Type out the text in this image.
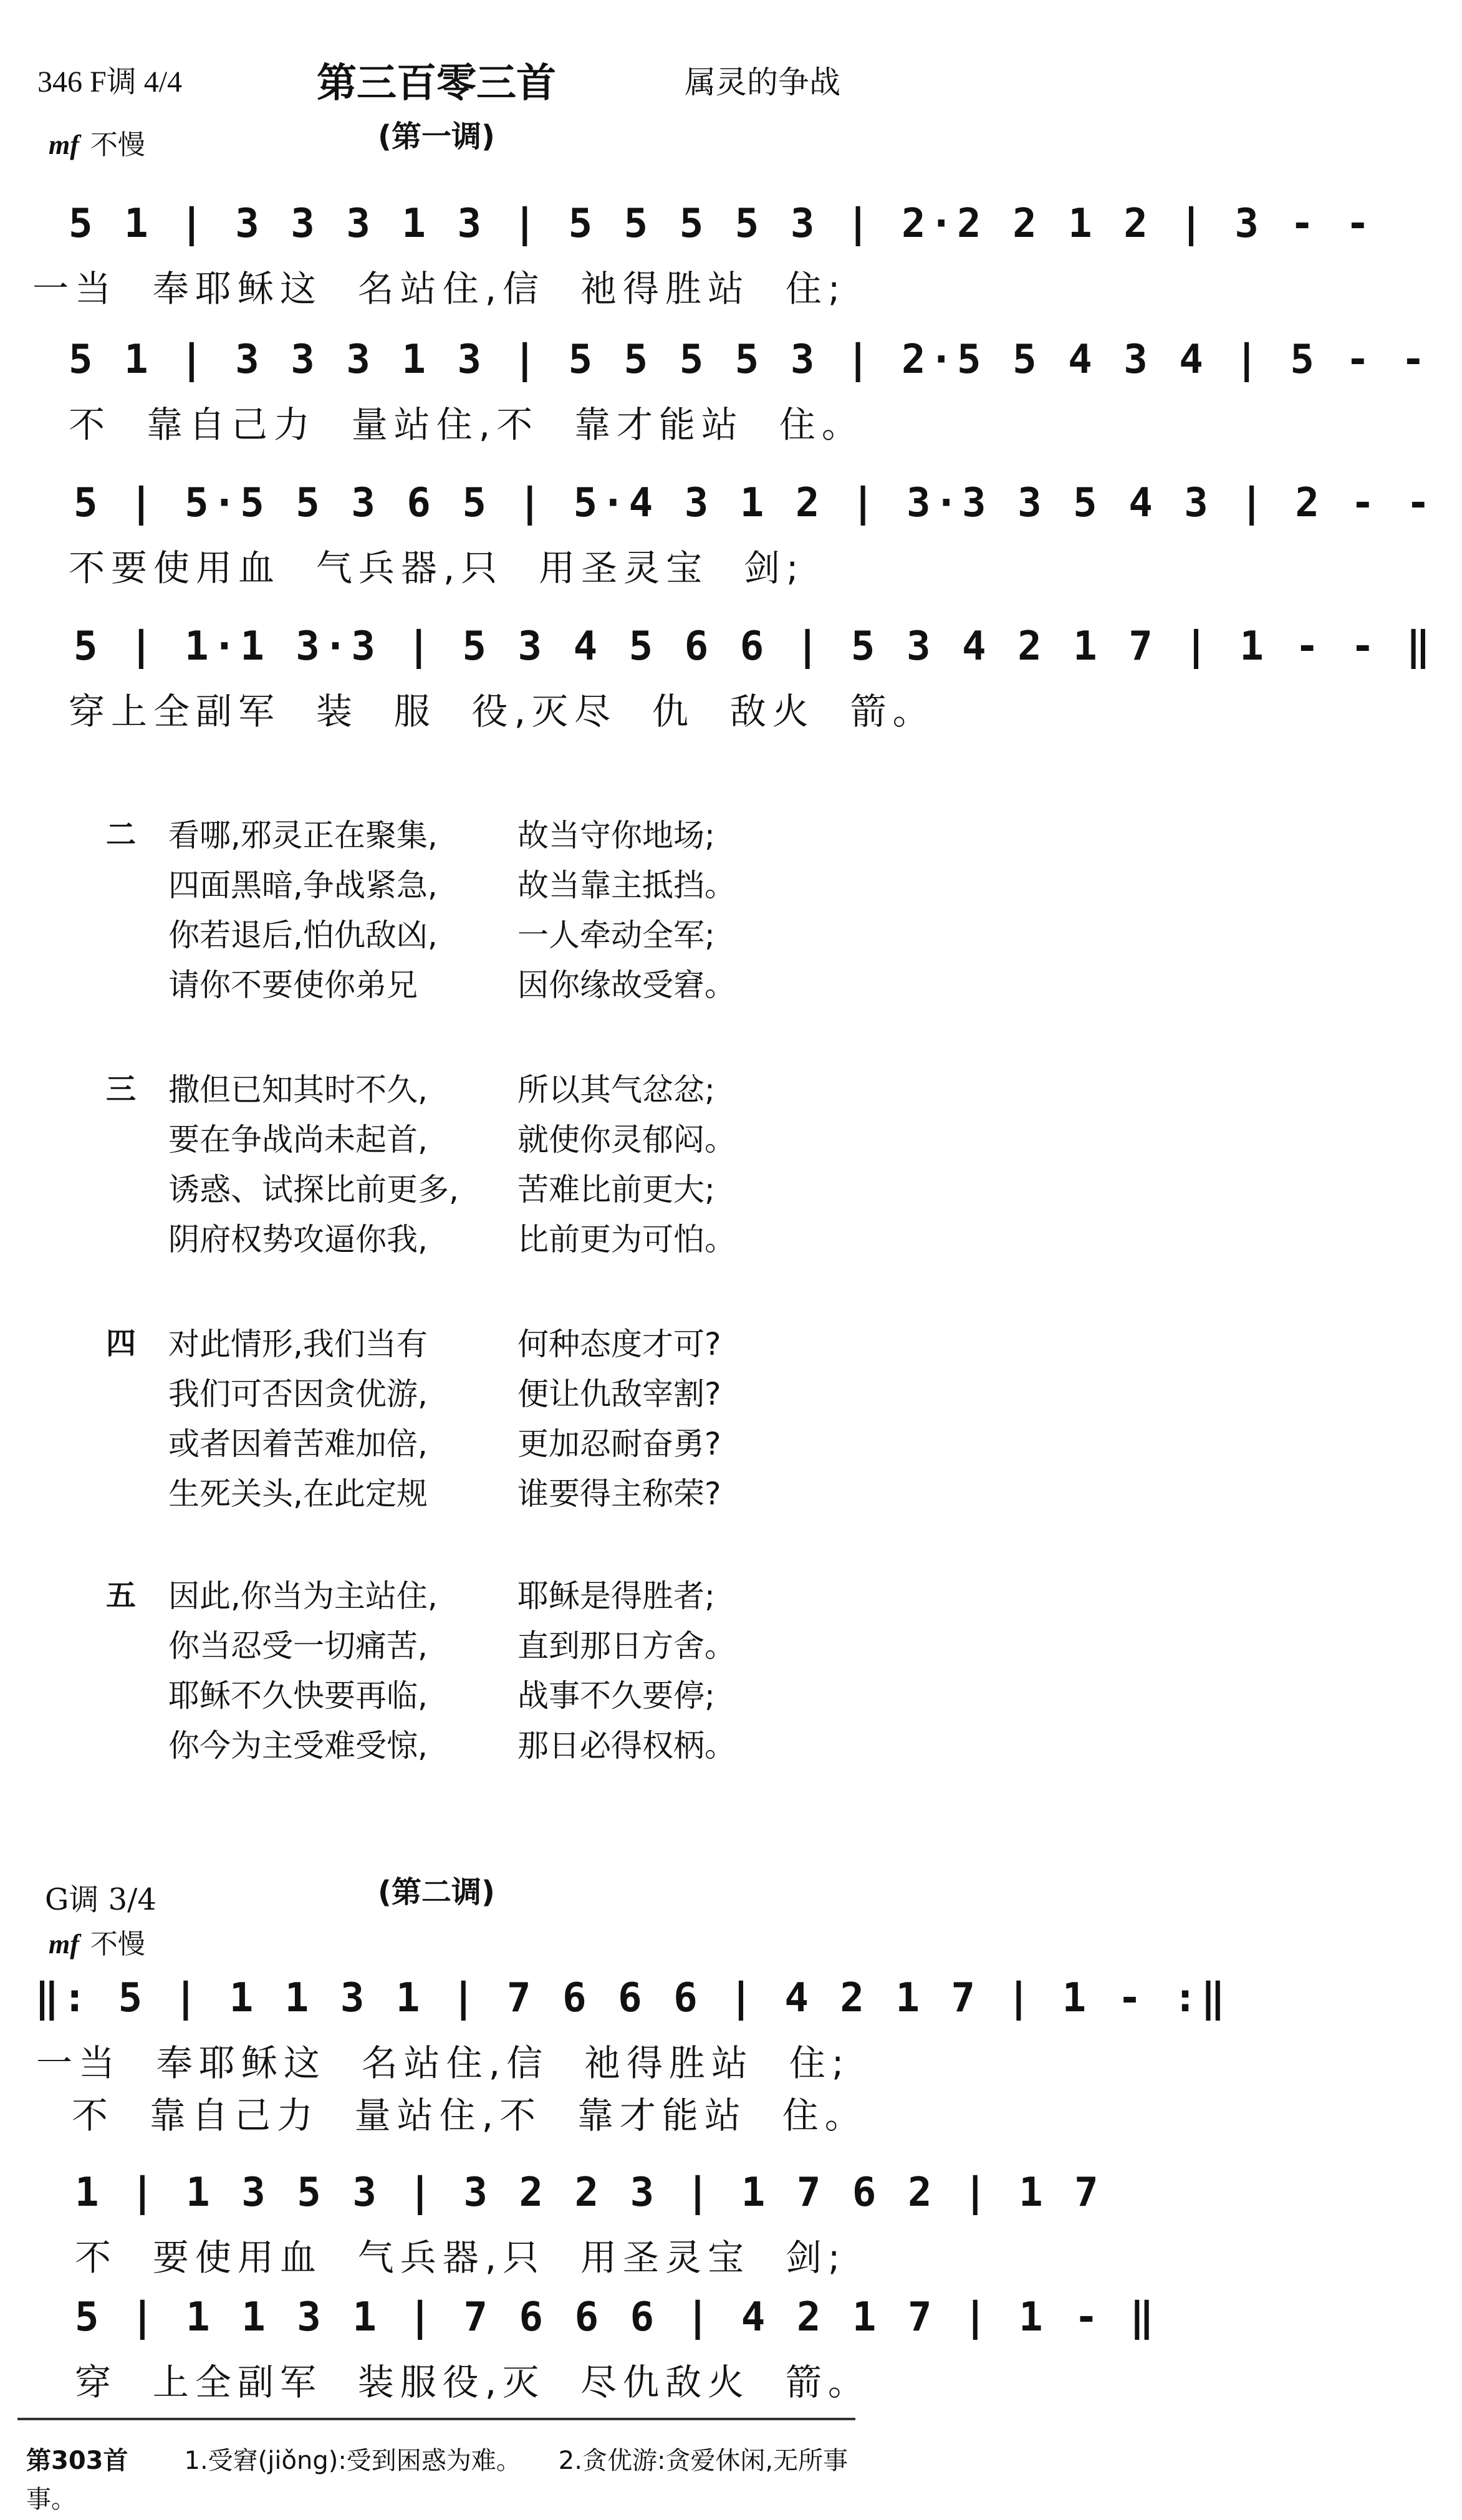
346 F调 4/4	第三百零三首	属灵的争战
mf 不慢	(第一调)
5 1 | 3 3 3 1 3 | 5 5 5 5 3 | 2·2 2 1 2 | 3 - -
一当  奉耶稣这  名站住,信  祂得胜站  住;
5 1 | 3 3 3 1 3 | 5 5 5 5 3 | 2·5 5 4 3 4 | 5 - -
不  靠自己力  量站住,不  靠才能站  住。
5 | 5·5 5 3 6 5 | 5·4 3 1 2 | 3·3 3 5 4 3 | 2 - -
不要使用血  气兵器,只  用圣灵宝  剑;
5 | 1·1 3·3 | 5 3 4 5 6 6 | 5 3 4 2 1 7 | 1 - - ‖
穿上全副军  装  服  役,灭尽  仇  敌火  箭。
二 看哪,邪灵正在聚集,	故当守你地场;
四面黑暗,争战紧急,	故当靠主抵挡。
你若退后,怕仇敌凶,	一人牵动全军;
请你不要使你弟兄	因你缘故受窘。
三 撒但已知其时不久,	所以其气忿忿;
要在争战尚未起首,	就使你灵郁闷。
诱惑、试探比前更多, 苦难比前更大;
阴府权势攻逼你我,	比前更为可怕。
四 对此情形,我们当有	何种态度才可?
我们可否因贪优游,	便让仇敌宰割?
或者因着苦难加倍,	更加忍耐奋勇?
生死关头,在此定规	谁要得主称荣?
五 因此,你当为主站住,	耶稣是得胜者;
你当忍受一切痛苦,	直到那日方舍。
耶稣不久快要再临,	战事不久要停;
你今为主受难受惊,	那日必得权柄。
G调 3/4	(第二调)
mf 不慢
‖: 5 | 1 1 3 1 | 7 6 6 6 | 4 2 1 7 | 1 - :‖
一当  奉耶稣这  名站住,信  祂得胜站  住;
不  靠自己力  量站住,不  靠才能站  住。
1 | 1 3 5 3 | 3 2 2 3 | 1 7 6 2 | 1 7
不  要使用血  气兵器,只  用圣灵宝  剑;
5 | 1 1 3 1 | 7 6 6 6 | 4 2 1 7 | 1 - ‖
穿  上全副军  装服役,灭  尽仇敌火  箭。
第303首 1.受窘(jiǒng):受到困惑为难。 2.贪优游:贪爱休闲,无所事事。
